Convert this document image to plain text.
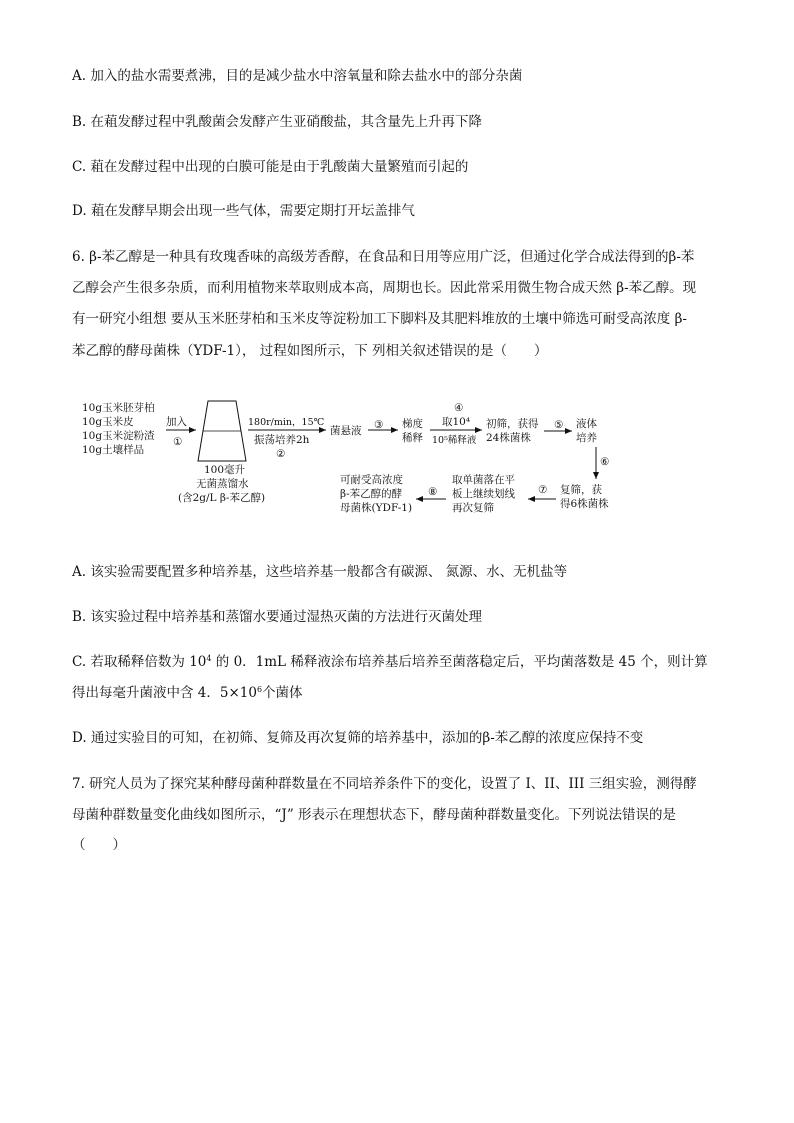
A. 加入的盐水需要煮沸，目的是减少盐水中溶氧量和除去盐水中的部分杂菌
B. 在蒩发酵过程中乳酸菌会发酵产生亚硝酸盐，其含量先上升再下降
C. 蒩在发酵过程中出现的白膜可能是由于乳酸菌大量繁殖而引起的
D. 蒩在发酵早期会出现一些气体，需要定期打开坛盖排气
6. β-苯乙醇是一种具有玫瑰香味的高级芳香醇，在食品和日用等应用广泛，但通过化学合成法得到的β-苯
乙醇会产生很多杂质，而利用植物来萃取则成本高，周期也长。因此常采用微生物合成天然 β-苯乙醇。现
有一研究小组想 要从玉米胚芽柏和玉米皮等淀粉加工下脚料及其肥料堆放的土壤中筛选可耐受高浓度 β-
苯乙醇的酵母菌株（YDF-1）， 过程如图所示，下 列相关叙述错误的是（　　）
10g玉米胚芽柏
10g玉米皮
10g玉米淀粉渣
10g土壤样品
加入
①
100毫升
无菌蒸馏水
(含2g/L β-苯乙醇)
180r/min，15℃
振荡培养2h
②
菌悬液 ③ 梯度
稀释
④
取10⁴
10⁵稀释液
初筛，获得
24株菌株
⑤ 液体
培养
⑥
复筛，获
得6株菌株
⑦
取单菌落在平
板上继续划线
再次复筛
⑧
可耐受高浓度
β-苯乙醇的酵
母菌株(YDF-1)
A. 该实验需要配置多种培养基，这些培养基一般都含有碳源、 氮源、水、无机盐等
B. 该实验过程中培养基和蒸馏水要通过湿热灭菌的方法进行灭菌处理
C. 若取稀释倍数为 $10^4$ 的 0．1mL 稀释液涂布培养基后培养至菌落稳定后，平均菌落数是 45 个，则计算
得出每毫升菌液中含 4．$5\times 10^6$个菌体
D. 通过实验目的可知，在初筛、复筛及再次复筛的培养基中，添加的β-苯乙醇的浓度应保持不变
7. 研究人员为了探究某种酵母菌种群数量在不同培养条件下的变化，设置了 I、II、III 三组实验，测得酵
母菌种群数量变化曲线如图所示，“J” 形表示在理想状态下，酵母菌种群数量变化。下列说法错误的是
（　　）
